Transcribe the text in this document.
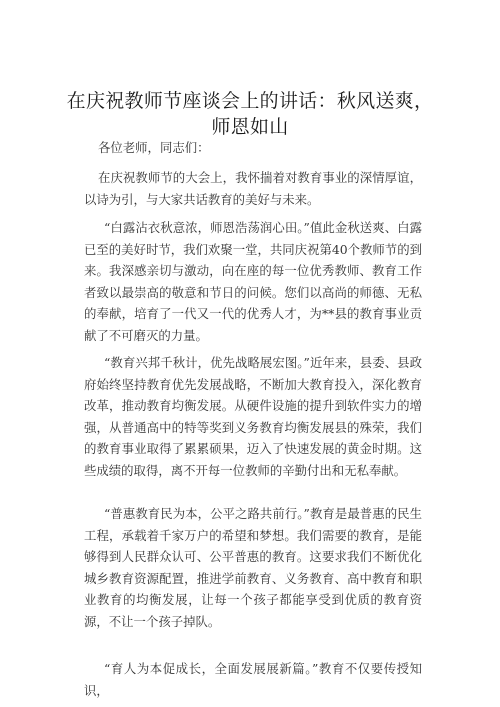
在庆祝教师节座谈会上的讲话：秋风送爽，师恩如山

各位老师，同志们：

在庆祝教师节的大会上，我怀揣着对教育事业的深情厚谊，以诗为引，与大家共话教育的美好与未来。

“白露沾衣秋意浓，师恩浩荡润心田。”值此金秋送爽、白露已至的美好时节，我们欢聚一堂，共同庆祝第40个教师节的到来。我深感亲切与激动，向在座的每一位优秀教师、教育工作者致以最崇高的敬意和节日的问候。您们以高尚的师德、无私的奉献，培育了一代又一代的优秀人才，为**县的教育事业贡献了不可磨灭的力量。

“教育兴邦千秋计，优先战略展宏图。”近年来，县委、县政府始终坚持教育优先发展战略，不断加大教育投入，深化教育改革，推动教育均衡发展。从硬件设施的提升到软件实力的增强，从普通高中的特等奖到义务教育均衡发展县的殊荣，我们的教育事业取得了累累硕果，迈入了快速发展的黄金时期。这些成绩的取得，离不开每一位教师的辛勤付出和无私奉献。

“普惠教育民为本，公平之路共前行。”教育是最普惠的民生工程，承载着千家万户的希望和梦想。我们需要的教育，是能够得到人民群众认可、公平普惠的教育。这要求我们不断优化城乡教育资源配置，推进学前教育、义务教育、高中教育和职业教育的均衡发展，让每一个孩子都能享受到优质的教育资源，不让一个孩子掉队。

“育人为本促成长，全面发展展新篇。”教育不仅要传授知识，
